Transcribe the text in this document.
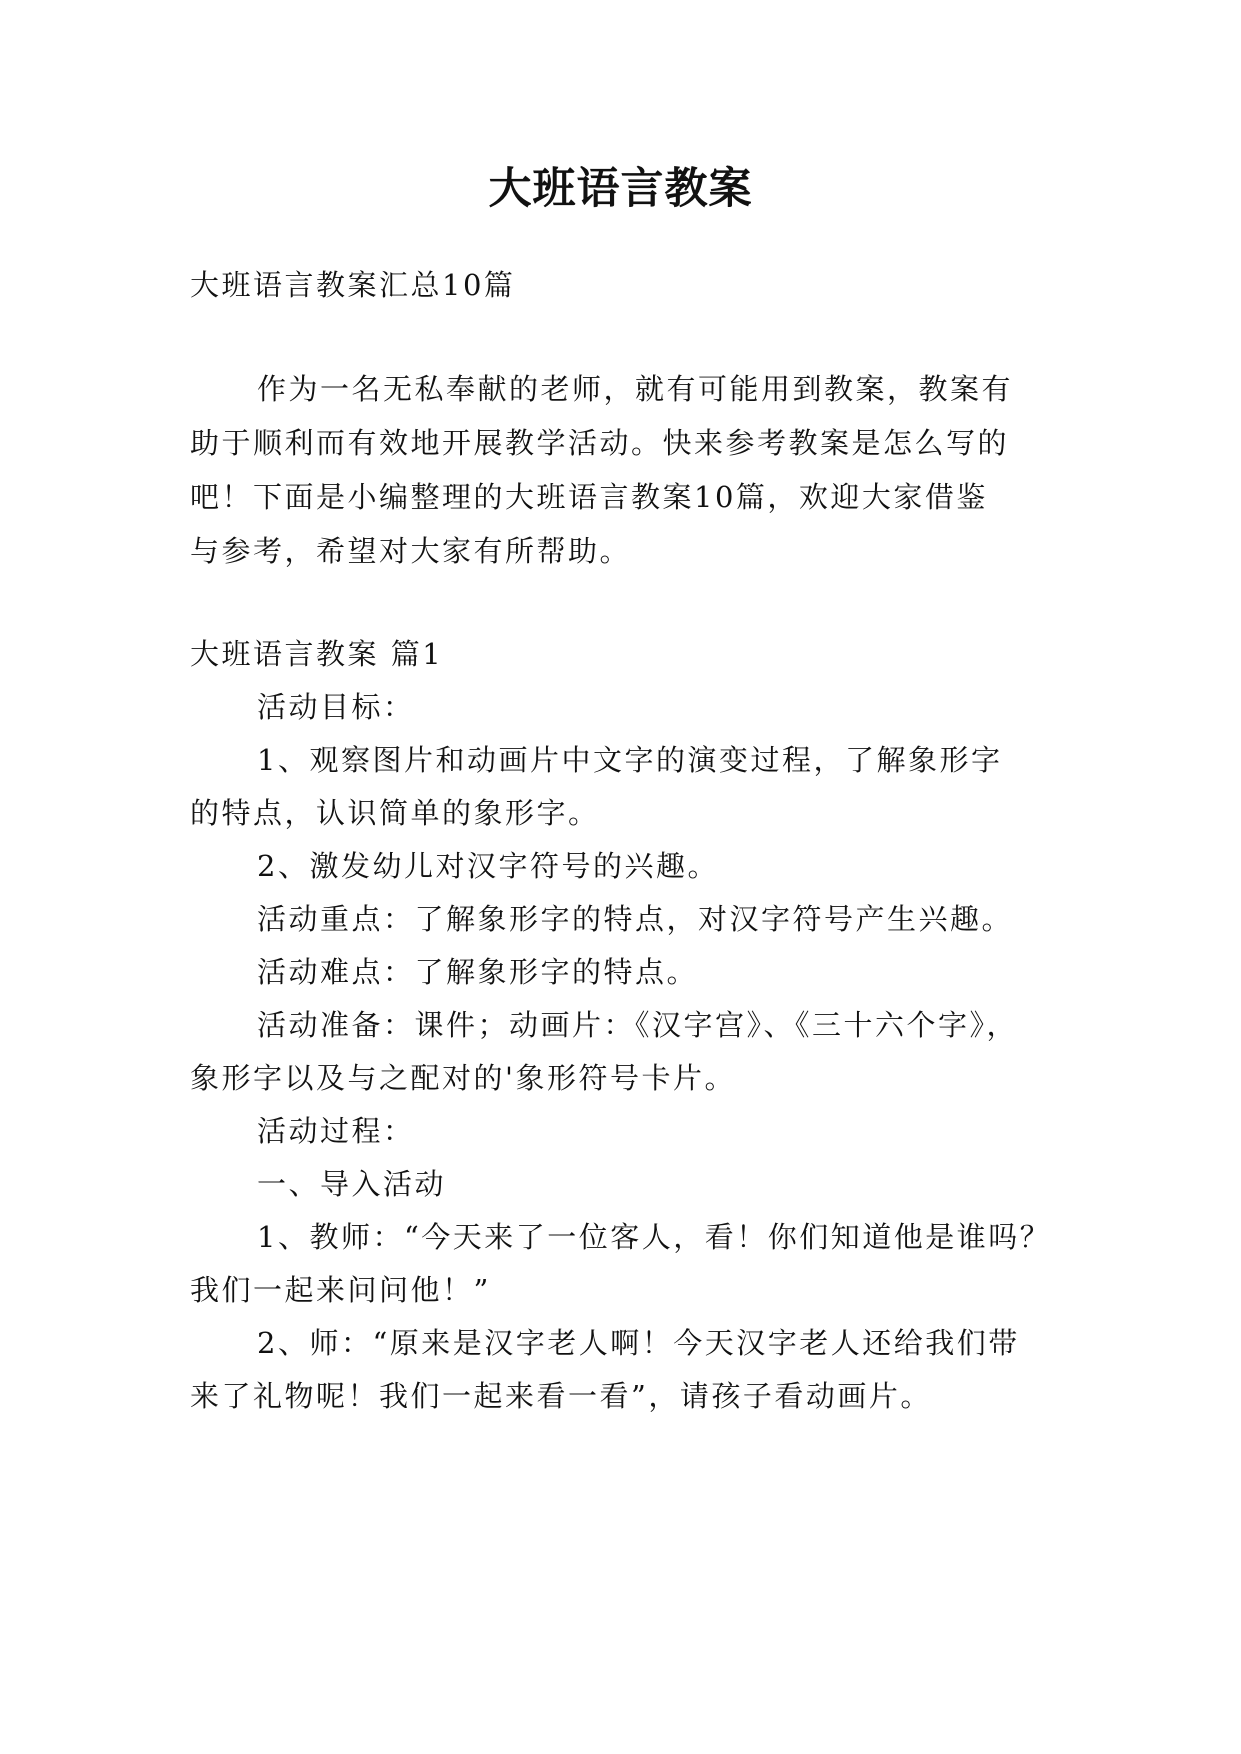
大班语言教案

大班语言教案汇总10篇

作为一名无私奉献的老师，就有可能用到教案，教案有

助于顺利而有效地开展教学活动。快来参考教案是怎么写的

吧！下面是小编整理的大班语言教案10篇，欢迎大家借鉴

与参考，希望对大家有所帮助。

大班语言教案 篇1

活动目标：

1、观察图片和动画片中文字的演变过程，了解象形字

的特点，认识简单的象形字。

2、激发幼儿对汉字符号的兴趣。

活动重点：了解象形字的特点，对汉字符号产生兴趣。

活动难点：了解象形字的特点。

活动准备：课件；动画片：《汉字宫》、《三十六个字》，

象形字以及与之配对的'象形符号卡片。

活动过程：

一、导入活动

1、教师：“今天来了一位客人，看！你们知道他是谁吗？

我们一起来问问他！”

2、师：“原来是汉字老人啊！今天汉字老人还给我们带

来了礼物呢！我们一起来看一看”，请孩子看动画片。
